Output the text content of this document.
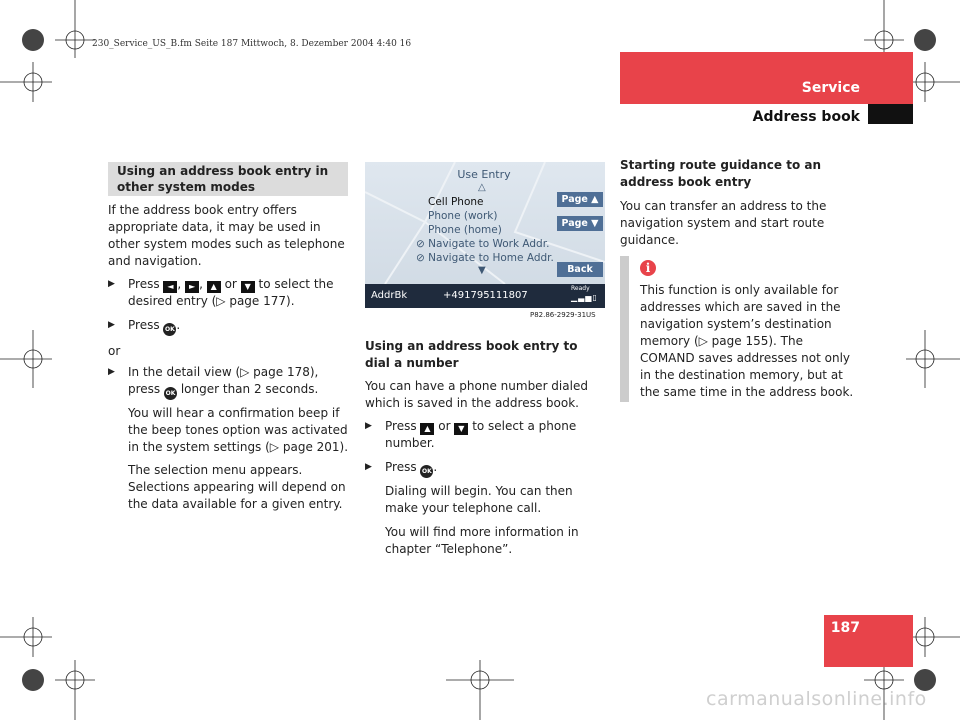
230_Service_US_B.fm Seite 187 Mittwoch, 8. Dezember 2004 4:40 16
Service
Address book
187
Using an address book entry in other system modes
If the address book entry offers appropriate data, it may be used in other system modes such as telephone and navigation.
▶ Press ◄ , ► , ▲ or ▼ to select the desired entry (▷ page 177).
▶ Press OK .
or
▶ In the detail view (▷ page 178), press OK longer than 2 seconds.
You will hear a confirmation beep if the beep tones option was activated in the system settings (▷ page 201).
The selection menu appears. Selections appearing will depend on the data available for a given entry.
Use Entry
△
Cell Phone
Phone (work)
Phone (home)
⊘ Navigate to Work Addr.
⊘ Navigate to Home Addr.
▼
Page ▲
Page ▼
Back
AddrBk	+491795111807
Ready
▁▃▅▯
P82.86-2929-31US
Using an address book entry to dial a number
You can have a phone number dialed which is saved in the address book.
▶ Press ▲ or ▼ to select a phone number.
▶ Press OK .
Dialing will begin. You can then make your telephone call.
You will find more information in chapter “Telephone”.
Starting route guidance to an address book entry
You can transfer an address to the navigation system and start route guidance.
i
This function is only available for addresses which are saved in the navigation system’s destination memory (▷ page 155). The COMAND saves addresses not only in the destination memory, but at the same time in the address book.
carmanualsonline.info
